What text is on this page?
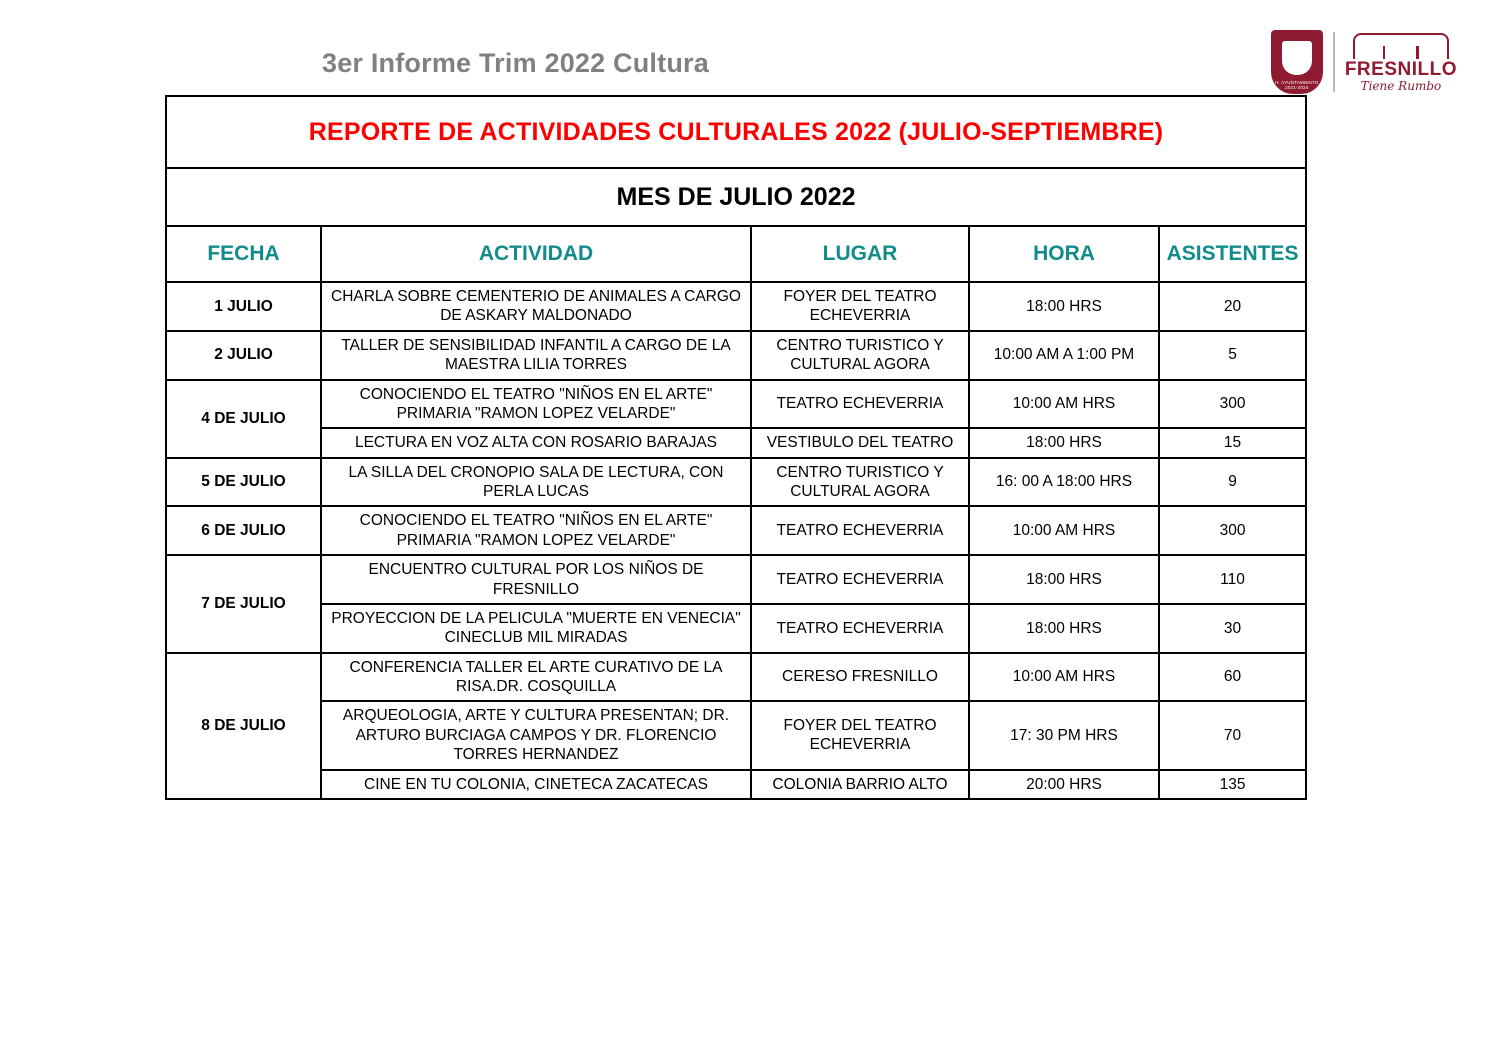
3er Informe Trim 2022 Cultura
H. AYUNTAMIENTO 2021-2024
FRESNILLO
Tiene Rumbo
REPORTE DE ACTIVIDADES CULTURALES 2022 (JULIO-SEPTIEMBRE)				
MES DE JULIO 2022				
FECHA	ACTIVIDAD	LUGAR	HORA	ASISTENTES
1 JULIO	CHARLA SOBRE CEMENTERIO DE ANIMALES A CARGO DE ASKARY MALDONADO	FOYER DEL TEATRO ECHEVERRIA	18:00 HRS	20
2 JULIO	TALLER DE SENSIBILIDAD INFANTIL A CARGO DE LA MAESTRA LILIA TORRES	CENTRO TURISTICO Y CULTURAL AGORA	10:00 AM A 1:00 PM	5
4 DE JULIO	CONOCIENDO EL TEATRO "NIÑOS EN EL ARTE" PRIMARIA "RAMON LOPEZ VELARDE"	TEATRO ECHEVERRIA	10:00 AM HRS	300
	LECTURA EN VOZ ALTA CON ROSARIO BARAJAS	VESTIBULO DEL TEATRO	18:00 HRS	15
5 DE JULIO	LA SILLA DEL CRONOPIO SALA DE LECTURA, CON PERLA LUCAS	CENTRO TURISTICO Y CULTURAL AGORA	16: 00 A 18:00 HRS	9
6 DE JULIO	CONOCIENDO EL TEATRO "NIÑOS EN EL ARTE" PRIMARIA "RAMON LOPEZ VELARDE"	TEATRO ECHEVERRIA	10:00 AM HRS	300
7 DE JULIO	ENCUENTRO CULTURAL POR LOS NIÑOS DE FRESNILLO	TEATRO ECHEVERRIA	18:00 HRS	110
	PROYECCION DE LA PELICULA "MUERTE EN VENECIA" CINECLUB MIL MIRADAS	TEATRO ECHEVERRIA	18:00 HRS	30
8 DE JULIO	CONFERENCIA TALLER EL ARTE CURATIVO DE LA RISA.DR. COSQUILLA	CERESO FRESNILLO	10:00 AM HRS	60
	ARQUEOLOGIA, ARTE Y CULTURA PRESENTAN; DR. ARTURO BURCIAGA CAMPOS Y DR. FLORENCIO TORRES HERNANDEZ	FOYER DEL TEATRO ECHEVERRIA	17: 30 PM HRS	70
	CINE EN TU COLONIA, CINETECA ZACATECAS	COLONIA BARRIO ALTO	20:00 HRS	135
